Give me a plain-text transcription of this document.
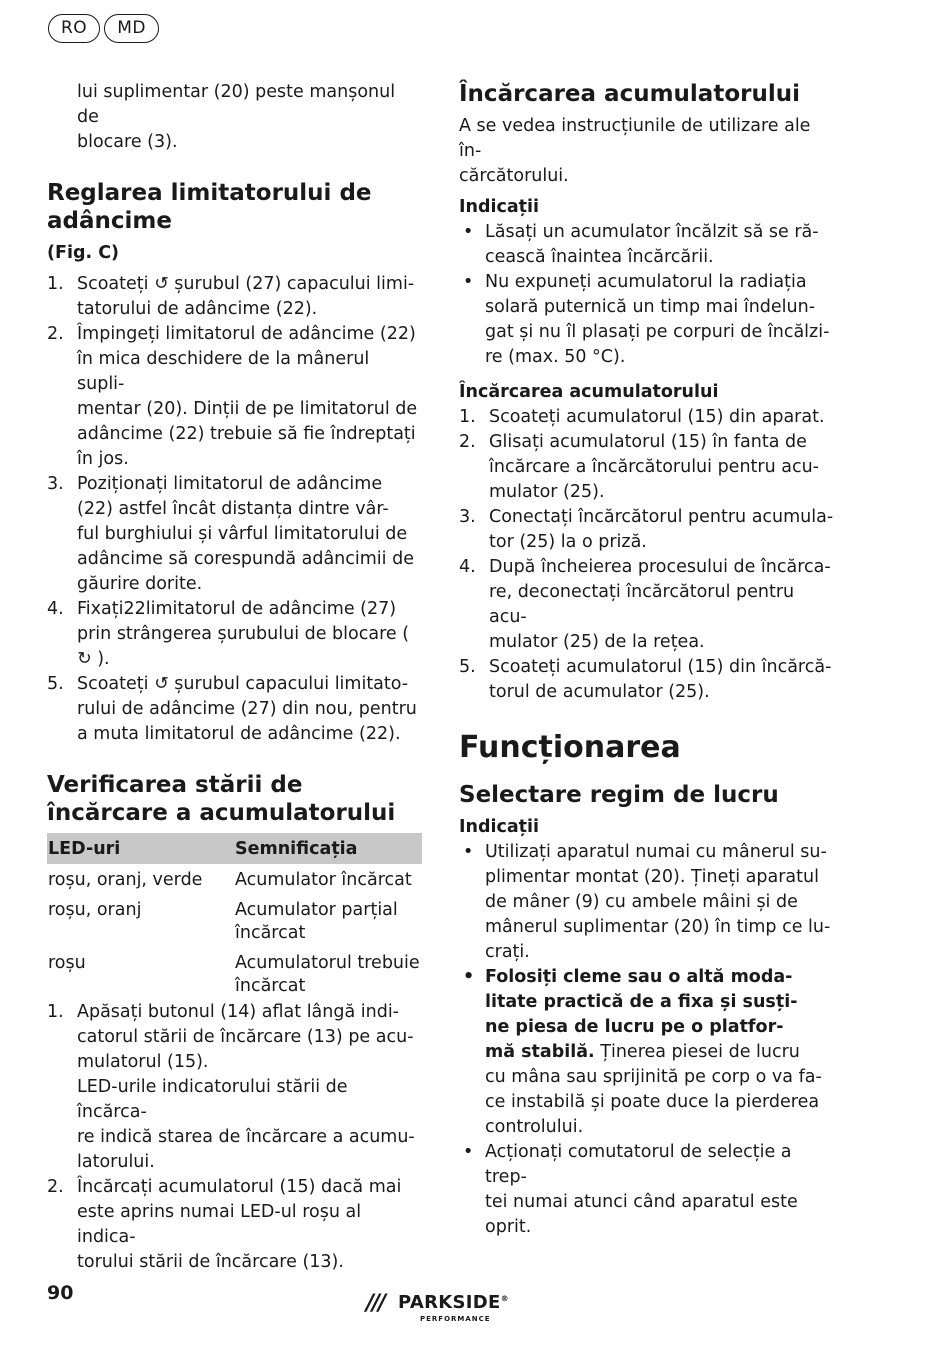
RO	MD
lui suplimentar (20) peste manșonul de
blocare (3).
Reglarea limitatorului de
adâncime
(Fig. C)
1. Scoateți ↺ șurubul (27) capacului limi-
tatorului de adâncime (22).
2. Împingeți limitatorul de adâncime (22)
în mica deschidere de la mânerul supli-
mentar (20). Dinții de pe limitatorul de
adâncime (22) trebuie să fie îndreptați
în jos.
3. Poziționați limitatorul de adâncime
(22) astfel încât distanța dintre vâr-
ful burghiului și vârful limitatorului de
adâncime să corespundă adâncimii de
găurire dorite.
4. Fixați22limitatorul de adâncime (27)
prin strângerea șurubului de blocare (
↻ ).
5. Scoateți ↺ șurubul capacului limitato-
rului de adâncime (27) din nou, pentru
a muta limitatorul de adâncime (22).
Verificarea stării de
încărcare a acumulatorului
LED-uri	Semnificația
roșu, oranj, verde	Acumulator încărcat
roșu, oranj	Acumulator parțial
încărcat
roșu	Acumulatorul trebuie
încărcat
1. Apăsați butonul (14) aflat lângă indi-
catorul stării de încărcare (13) pe acu-
mulatorul (15).
LED-urile indicatorului stării de încărca-
re indică starea de încărcare a acumu-
latorului.
2. Încărcați acumulatorul (15) dacă mai
este aprins numai LED-ul roșu al indica-
torului stării de încărcare (13).
Încărcarea acumulatorului
A se vedea instrucțiunile de utilizare ale în-
cărcătorului.
Indicații
• Lăsați un acumulator încălzit să se ră-
cească înaintea încărcării.
• Nu expuneți acumulatorul la radiația
solară puternică un timp mai îndelun-
gat și nu îl plasați pe corpuri de încălzi-
re (max. 50 °C).
Încărcarea acumulatorului
1. Scoateți acumulatorul (15) din aparat.
2. Glisați acumulatorul (15) în fanta de
încărcare a încărcătorului pentru acu-
mulator (25).
3. Conectați încărcătorul pentru acumula-
tor (25) la o priză.
4. După încheierea procesului de încărca-
re, deconectați încărcătorul pentru acu-
mulator (25) de la rețea.
5. Scoateți acumulatorul (15) din încărcă-
torul de acumulator (25).
Funcționarea
Selectare regim de lucru
Indicații
• Utilizați aparatul numai cu mânerul su-
plimentar montat (20). Țineți aparatul
de mâner (9) cu ambele mâini și de
mânerul suplimentar (20) în timp ce lu-
crați.
• Folosiți cleme sau o altă moda-
litate practică de a fixa și susți-
ne piesa de lucru pe o platfor-
mă stabilă. Ținerea piesei de lucru
cu mâna sau sprijinită pe corp o va fa-
ce instabilă și poate duce la pierderea
controlului.
• Acționați comutatorul de selecție a trep-
tei numai atunci când aparatul este
oprit.
90	/// PARKSIDE®
PERFORMANCE
